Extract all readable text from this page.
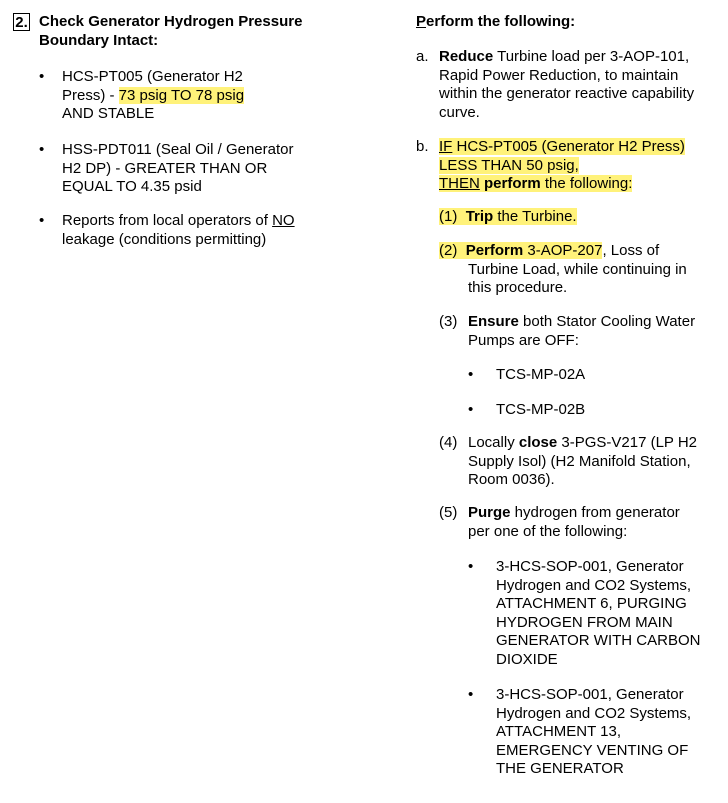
2. Check Generator Hydrogen Pressure
Boundary Intact:
• HCS-PT005 (Generator H2
Press) - 73 psig TO 78 psig
AND STABLE
• HSS-PDT011 (Seal Oil / Generator
H2 DP) - GREATER THAN OR
EQUAL TO 4.35 psid
• Reports from local operators of NO
leakage (conditions permitting)
Perform the following:
a. Reduce Turbine load per 3-AOP-101,
Rapid Power Reduction, to maintain
within the generator reactive capability
curve.
b. IF HCS-PT005 (Generator H2 Press)
LESS THAN 50 psig,
THEN perform the following:
(1) Trip the Turbine.
(2) Perform 3-AOP-207, Loss of
Turbine Load, while continuing in
this procedure.
(3) Ensure both Stator Cooling Water
Pumps are OFF:
• TCS-MP-02A
• TCS-MP-02B
(4) Locally close 3-PGS-V217 (LP H2
Supply Isol) (H2 Manifold Station,
Room 0036).
(5) Purge hydrogen from generator
per one of the following:
• 3-HCS-SOP-001, Generator
Hydrogen and CO2 Systems,
ATTACHMENT 6, PURGING
HYDROGEN FROM MAIN
GENERATOR WITH CARBON
DIOXIDE
• 3-HCS-SOP-001, Generator
Hydrogen and CO2 Systems,
ATTACHMENT 13,
EMERGENCY VENTING OF
THE GENERATOR
